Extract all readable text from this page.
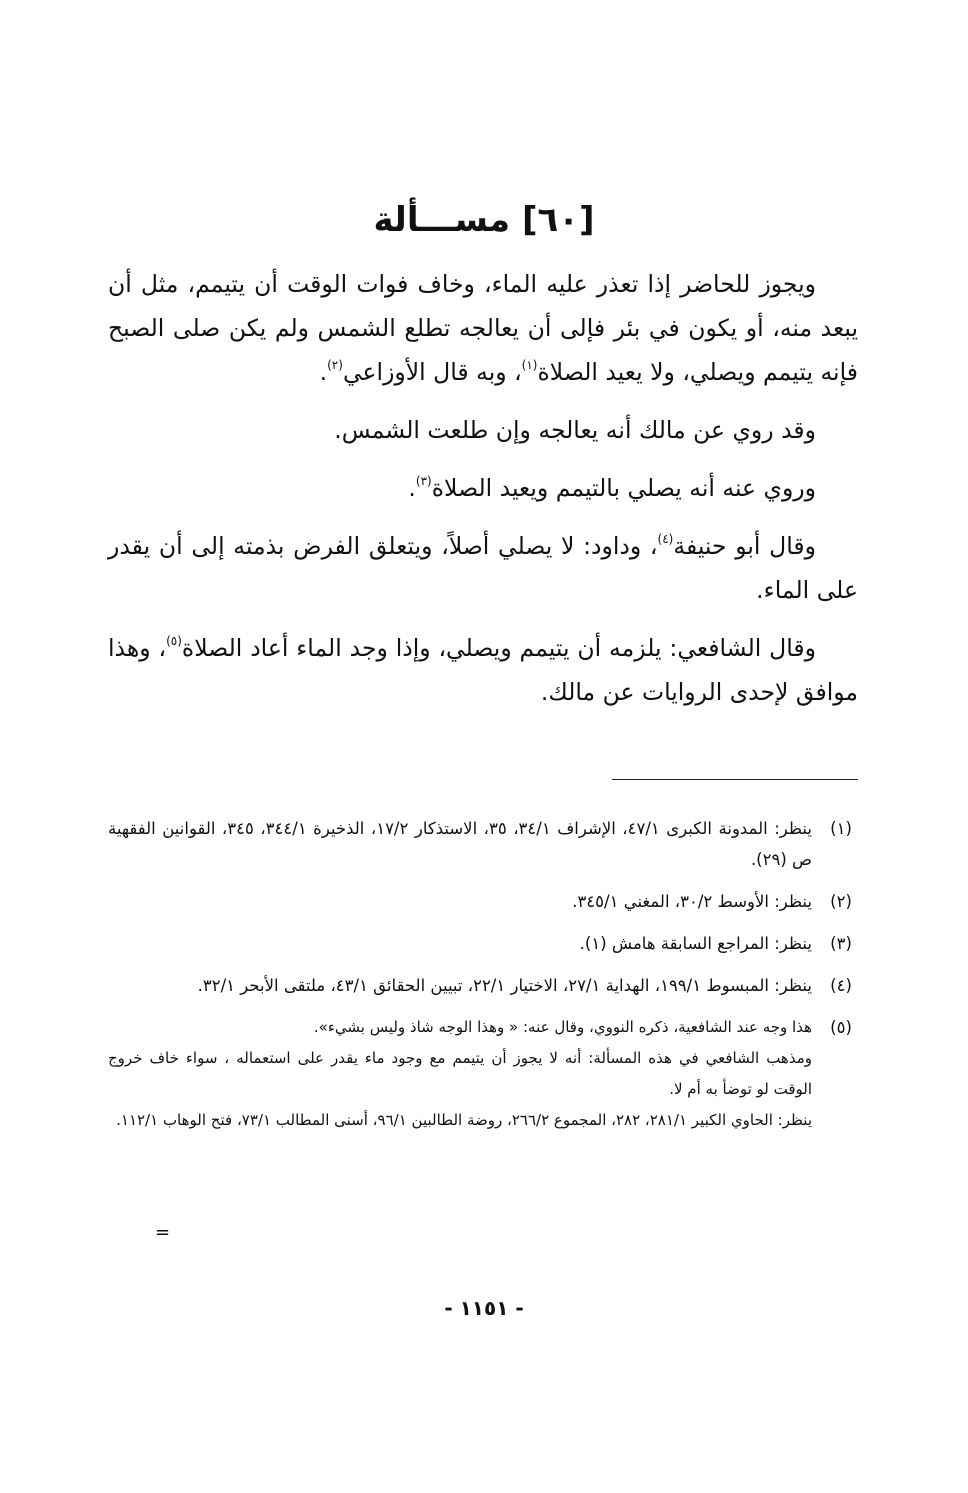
[٦٠] مســـألة

ويجوز للحاضر إذا تعذر عليه الماء، وخاف فوات الوقت أن يتيمم، مثل أن يبعد منه، أو يكون في بئر فإلى أن يعالجه تطلع الشمس ولم يكن صلى الصبح فإنه يتيمم ويصلي، ولا يعيد الصلاة$^{(١)}$، وبه قال الأوزاعي$^{(٢)}$.

وقد روي عن مالك أنه يعالجه وإن طلعت الشمس.

وروي عنه أنه يصلي بالتيمم ويعيد الصلاة$^{(٣)}$.

وقال أبو حنيفة$^{(٤)}$، وداود: لا يصلي أصلاً، ويتعلق الفرض بذمته إلى أن يقدر على الماء.

وقال الشافعي: يلزمه أن يتيمم ويصلي، وإذا وجد الماء أعاد الصلاة$^{(٥)}$، وهذا موافق لإحدى الروايات عن مالك.

(١)
ينظر: المدونة الكبرى ٤٧/١، الإشراف ٣٤/١، ٣٥، الاستذكار ١٧/٢، الذخيرة ٣٤٤/١، ٣٤٥، القوانين الفقهية ص (٢٩).
(٢)
ينظر: الأوسط ٣٠/٢، المغني ٣٤٥/١.
(٣)
ينظر: المراجع السابقة هامش (١).
(٤)
ينظر: المبسوط ١٩٩/١، الهداية ٢٧/١، الاختيار ٢٢/١، تبيين الحقائق ٤٣/١، ملتقى الأبحر ٣٢/١.
(٥)
هذا وجه عند الشافعية، ذكره النووي، وقال عنه: « وهذا الوجه شاذ وليس بشيء».
ومذهب الشافعي في هذه المسألة: أنه لا يجوز أن يتيمم مع وجود ماء يقدر على استعماله ، سواء خاف خروج الوقت لو توضأ به أم لا.
ينظر: الحاوي الكبير ٢٨١/١، ٢٨٢، المجموع ٢٦٦/٢، روضة الطالبين ٩٦/١، أسنى المطالب ٧٣/١، فتح الوهاب ١١٢/١.
=
- ١١٥١ -
